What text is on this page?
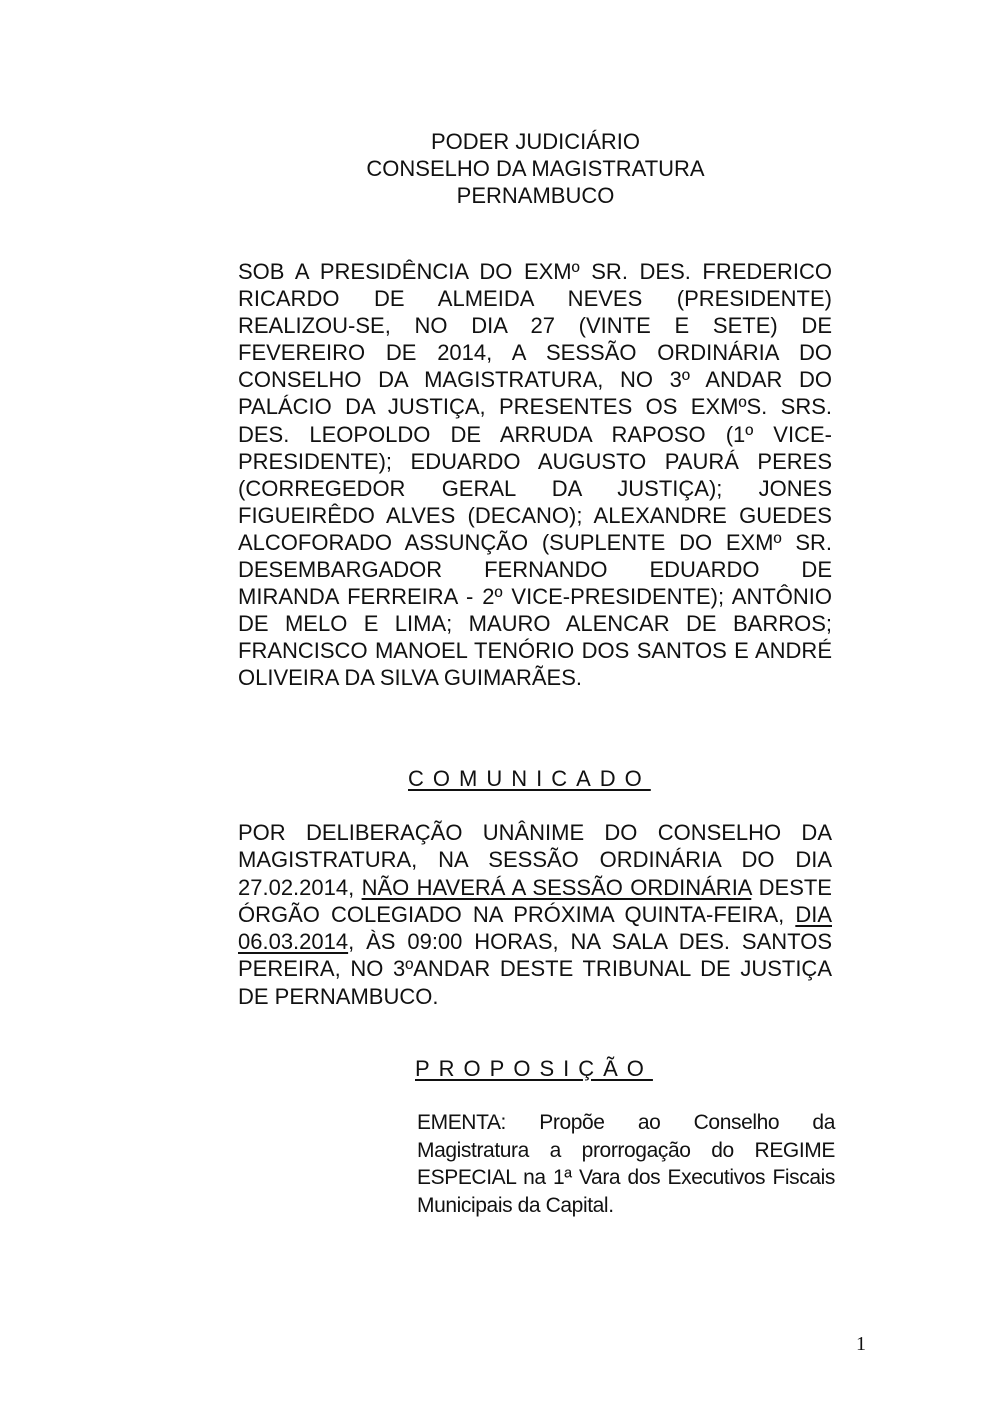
PODER JUDICIÁRIO
CONSELHO DA MAGISTRATURA
PERNAMBUCO
SOB A PRESIDÊNCIA DO EXMº SR. DES. FREDERICO RICARDO DE ALMEIDA NEVES (PRESIDENTE) REALIZOU-SE, NO DIA 27 (VINTE E SETE) DE FEVEREIRO DE 2014, A SESSÃO ORDINÁRIA DO CONSELHO DA MAGISTRATURA, NO 3º ANDAR DO PALÁCIO DA JUSTIÇA, PRESENTES OS EXMºS. SRS. DES. LEOPOLDO DE ARRUDA RAPOSO (1º VICE-PRESIDENTE); EDUARDO AUGUSTO PAURÁ PERES (CORREGEDOR GERAL DA JUSTIÇA); JONES FIGUEIRÊDO ALVES (DECANO); ALEXANDRE GUEDES ALCOFORADO ASSUNÇÃO (SUPLENTE DO EXMº SR. DESEMBARGADOR FERNANDO EDUARDO DE MIRANDA FERREIRA - 2º VICE-PRESIDENTE); ANTÔNIO DE MELO E LIMA; MAURO ALENCAR DE BARROS; FRANCISCO MANOEL TENÓRIO DOS SANTOS E ANDRÉ OLIVEIRA DA SILVA GUIMARÃES.
COMUNICADO
POR DELIBERAÇÃO UNÂNIME DO CONSELHO DA MAGISTRATURA, NA SESSÃO ORDINÁRIA DO DIA 27.02.2014, NÃO HAVERÁ A SESSÃO ORDINÁRIA DESTE ÓRGÃO COLEGIADO NA PRÓXIMA QUINTA-FEIRA, DIA 06.03.2014, ÀS 09:00 HORAS, NA SALA DES. SANTOS PEREIRA, NO 3ºANDAR DESTE TRIBUNAL DE JUSTIÇA DE PERNAMBUCO.
PROPOSIÇÃO
EMENTA: Propõe ao Conselho da Magistratura a prorrogação do REGIME ESPECIAL na 1ª Vara dos Executivos Fiscais Municipais da Capital.
1
